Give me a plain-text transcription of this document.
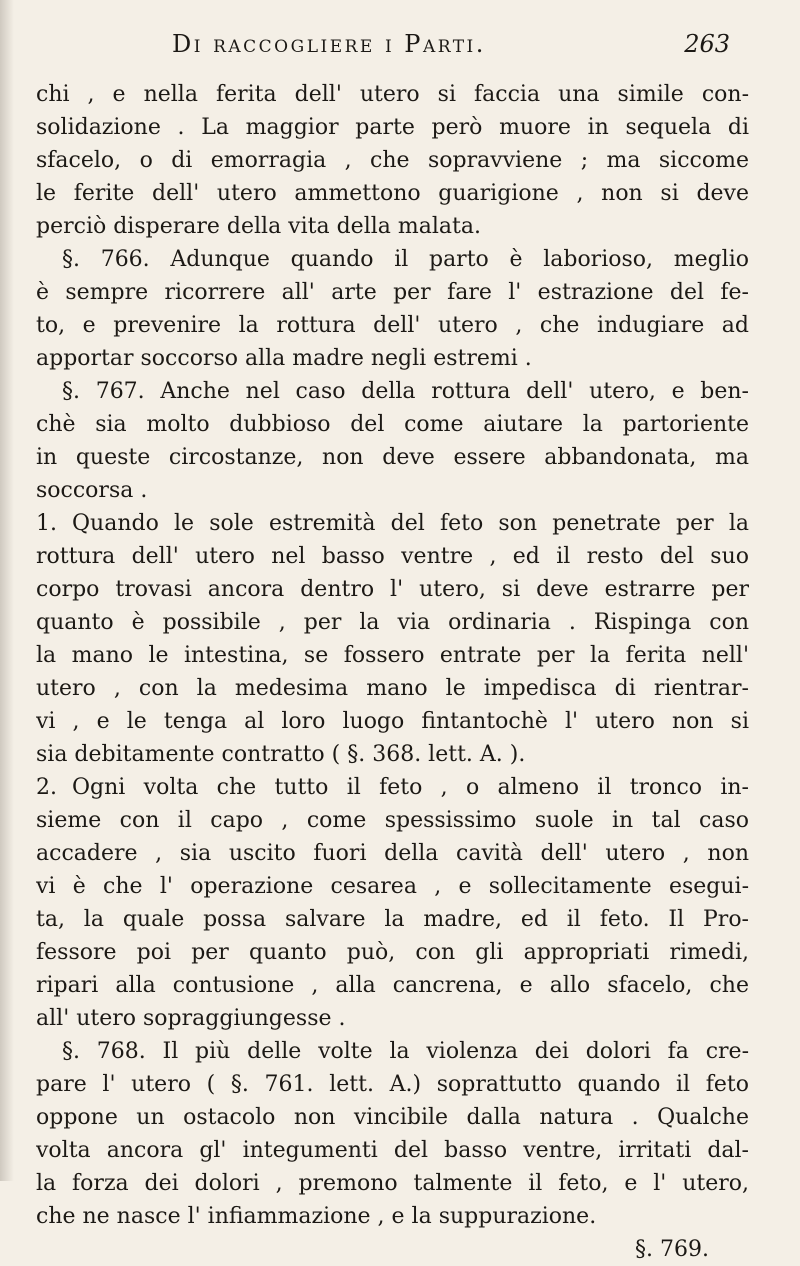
Di raccogliere i Parti.	263
chi , e nella ferita dell' utero si faccia una simile con-
solidazione . La maggior parte però muore in sequela di
sfacelo, o di emorragia , che sopravviene ; ma siccome
le ferite dell' utero ammettono guarigione , non si deve
perciò disperare della vita della malata.
§. 766. Adunque quando il parto è laborioso, meglio
è sempre ricorrere all' arte per fare l' estrazione del fe-
to, e prevenire la rottura dell' utero , che indugiare ad
apportar soccorso alla madre negli estremi .
§. 767. Anche nel caso della rottura dell' utero, e ben-
chè sia molto dubbioso del come aiutare la partoriente
in queste circostanze, non deve essere abbandonata, ma
soccorsa .
1. Quando le sole estremità del feto son penetrate per la
rottura dell' utero nel basso ventre , ed il resto del suo
corpo trovasi ancora dentro l' utero, si deve estrarre per
quanto è possibile , per la via ordinaria . Rispinga con
la mano le intestina, se fossero entrate per la ferita nell'
utero , con la medesima mano le impedisca di rientrar-
vi , e le tenga al loro luogo fintantochè l' utero non si
sia debitamente contratto ( §. 368. lett. A. ).
2. Ogni volta che tutto il feto , o almeno il tronco in-
sieme con il capo , come spessissimo suole in tal caso
accadere , sia uscito fuori della cavità dell' utero , non
vi è che l' operazione cesarea , e sollecitamente esegui-
ta, la quale possa salvare la madre, ed il feto. Il Pro-
fessore poi per quanto può, con gli appropriati rimedi,
ripari alla contusione , alla cancrena, e allo sfacelo, che
all' utero sopraggiungesse .
§. 768. Il più delle volte la violenza dei dolori fa cre-
pare l' utero ( §. 761. lett. A.) soprattutto quando il feto
oppone un ostacolo non vincibile dalla natura . Qualche
volta ancora gl' integumenti del basso ventre, irritati dal-
la forza dei dolori , premono talmente il feto, e l' utero,
che ne nasce l' infiammazione , e la suppurazione.
§. 769.
